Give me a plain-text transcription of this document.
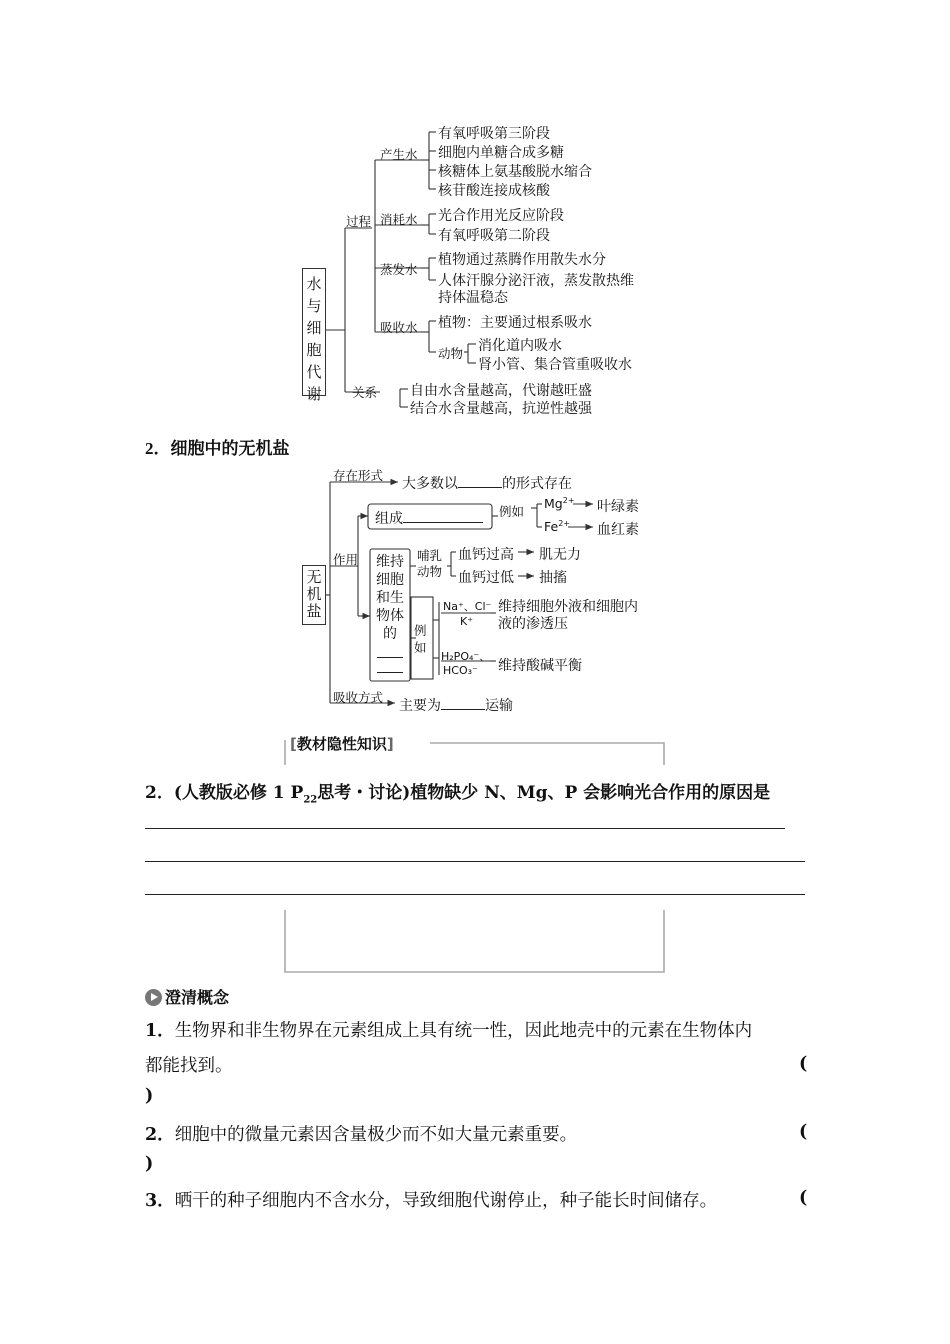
水与细胞代谢
过程
产生水
有氧呼吸第三阶段
细胞内单糖合成多糖
核糖体上氨基酸脱水缩合
核苷酸连接成核酸
消耗水 光合作用光反应阶段
有氧呼吸第二阶段
蒸发水
植物通过蒸腾作用散失水分
人体汗腺分泌汗液，蒸发散热维
持体温稳态
吸收水 植物：主要通过根系吸水
动物 消化道内吸水
肾小管、集合管重吸收水
关系 自由水含量越高，代谢越旺盛
结合水含量越高，抗逆性越强
2．细胞中的无机盐
无机盐
存在形式
大多数以	的形式存在
作用
组成	例如
$Mg^{2+}$ 叶绿素
$Fe^{2+}$ 血红素
维持细胞和生物体的
哺乳动物
血钙过高 肌无力
血钙过低 抽搐
例如
Na⁺、Cl⁻
K⁺
维持细胞外液和细胞内
液的渗透压
H₂PO₄⁻、
HCO₃⁻ 维持酸碱平衡
吸收方式
主要为	运输
[教材隐性知识]
2．(人教版必修 1 $P_{22}$思考・讨论)植物缺少 N、Mg、P 会影响光合作用的原因是
澄清概念
1．生物界和非生物界在元素组成上具有统一性，因此地壳中的元素在生物体内
都能找到。	(
)
2．细胞中的微量元素因含量极少而不如大量元素重要。	(
)
3．晒干的种子细胞内不含水分，导致细胞代谢停止，种子能长时间储存。	(
